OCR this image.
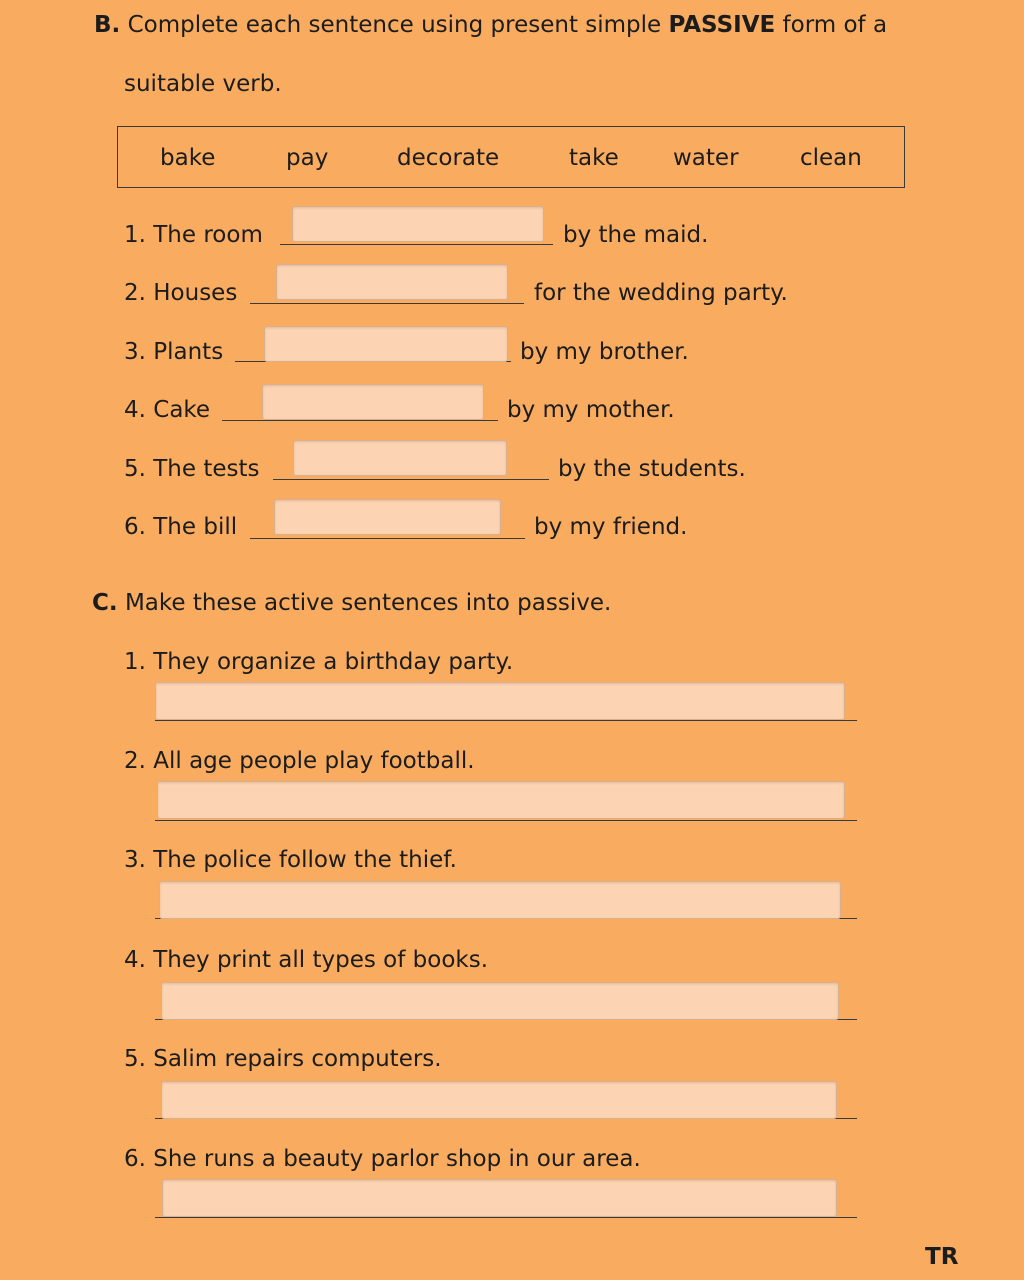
B. Complete each sentence using present simple PASSIVE form of a
suitable verb.
bake	pay	decorate	take water	clean
1. The room	by the maid.
2. Houses	for the wedding party.
3. Plants	by my brother.
4. Cake	by my mother.
5. The tests	by the students.
6. The bill	by my friend.
C. Make these active sentences into passive.
1. They organize a birthday party.
2. All age people play football.
3. The police follow the thief.
4. They print all types of books.
5. Salim repairs computers.
6. She runs a beauty parlor shop in our area.
TR
